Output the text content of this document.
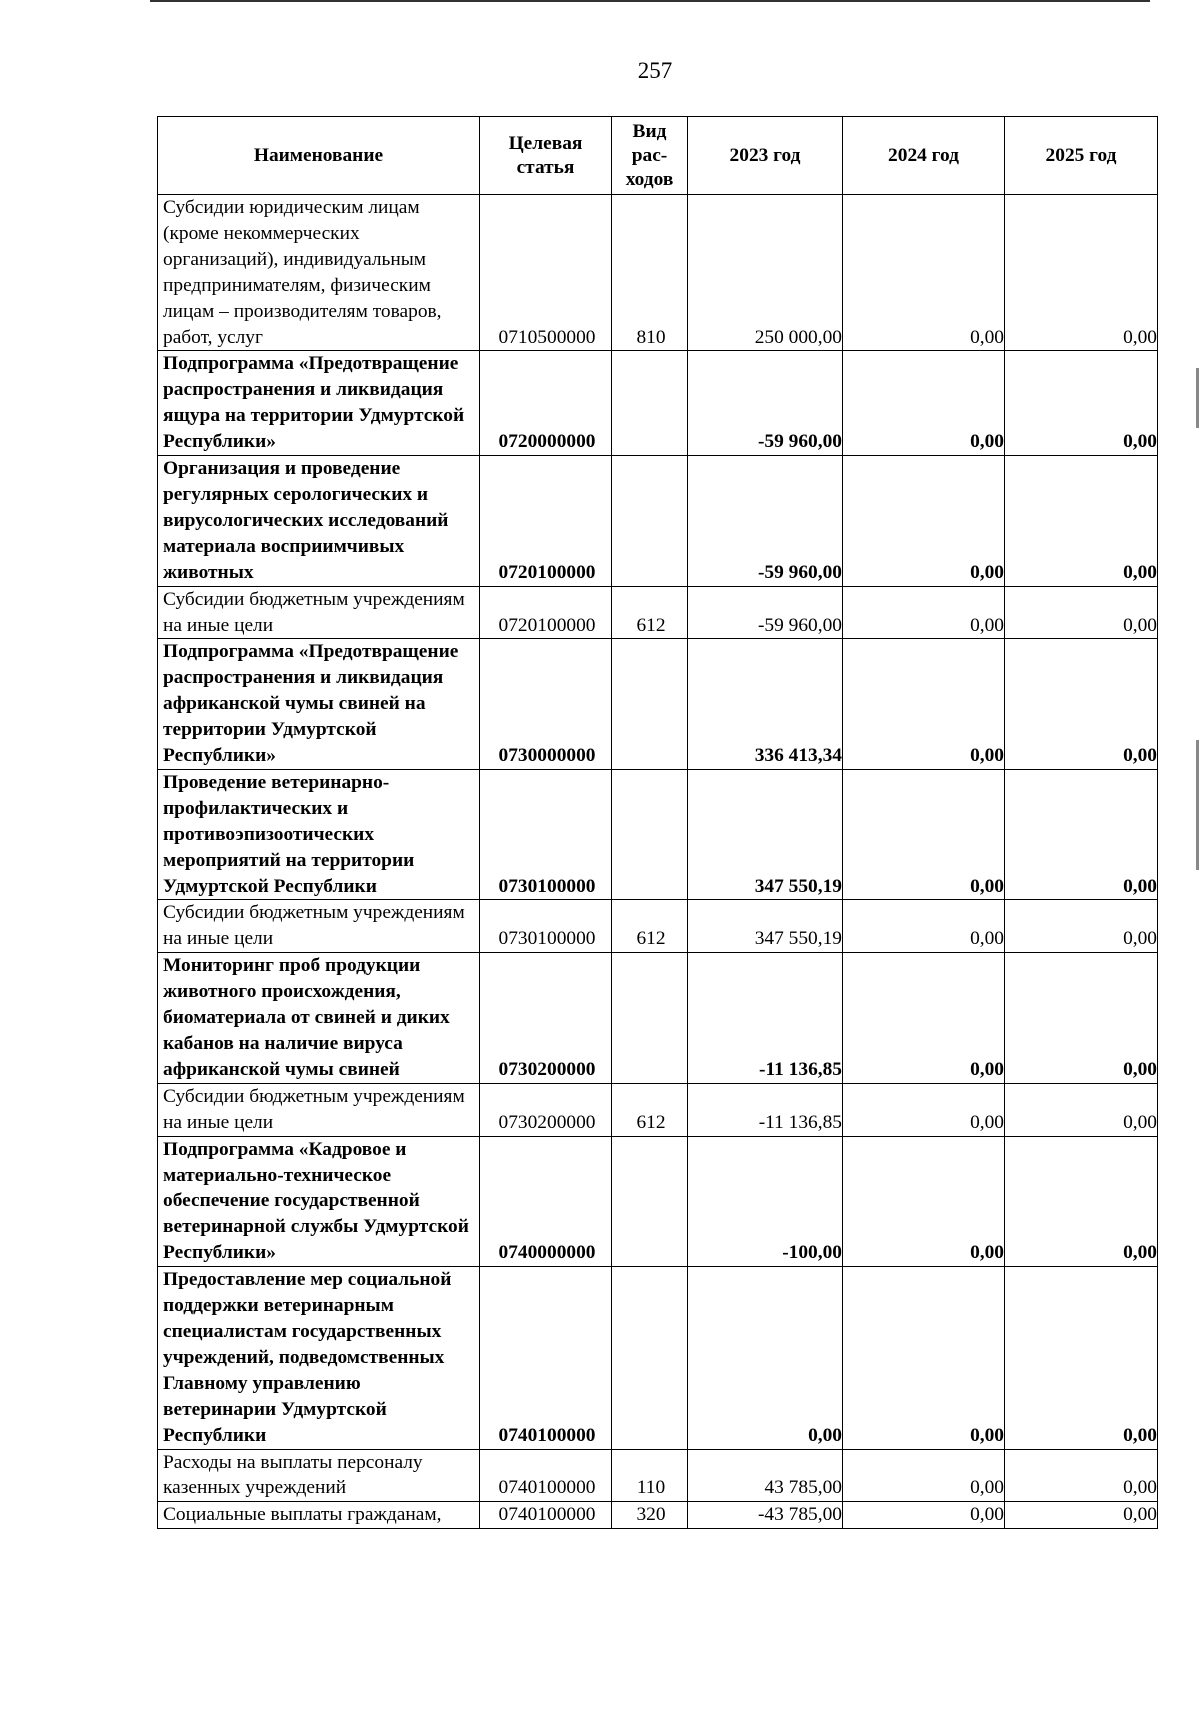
257
Наименование	Целевая статья	Вид рас-ходов	2023 год	2024 год	2025 год
Субсидии юридическим лицам (кроме некоммерческих организаций), индивидуальным предпринимателям, физическим лицам – производителям товаров, работ, услуг	0710500000	810	250 000,00	0,00	0,00
Подпрограмма «Предотвращение распространения и ликвидация ящура на территории Удмуртской Республики»	0720000000		-59 960,00	0,00	0,00
Организация и проведение регулярных серологических и вирусологических исследований материала восприимчивых животных	0720100000		-59 960,00	0,00	0,00
Субсидии бюджетным учреждениям на иные цели	0720100000	612	-59 960,00	0,00	0,00
Подпрограмма «Предотвращение распространения и ликвидация африканской чумы свиней на территории Удмуртской Республики»	0730000000		336 413,34	0,00	0,00
Проведение ветеринарно-профилактических и противоэпизоотических мероприятий на территории Удмуртской Республики	0730100000		347 550,19	0,00	0,00
Субсидии бюджетным учреждениям на иные цели	0730100000	612	347 550,19	0,00	0,00
Мониторинг проб продукции животного происхождения, биоматериала от свиней и диких кабанов на наличие вируса африканской чумы свиней	0730200000		-11 136,85	0,00	0,00
Субсидии бюджетным учреждениям на иные цели	0730200000	612	-11 136,85	0,00	0,00
Подпрограмма «Кадровое и материально-техническое обеспечение государственной ветеринарной службы Удмуртской Республики»	0740000000		-100,00	0,00	0,00
Предоставление мер социальной поддержки ветеринарным специалистам государственных учреждений, подведомственных Главному управлению ветеринарии Удмуртской Республики	0740100000		0,00	0,00	0,00
Расходы на выплаты персоналу казенных учреждений	0740100000	110	43 785,00	0,00	0,00
Социальные выплаты гражданам,	0740100000	320	-43 785,00	0,00	0,00
